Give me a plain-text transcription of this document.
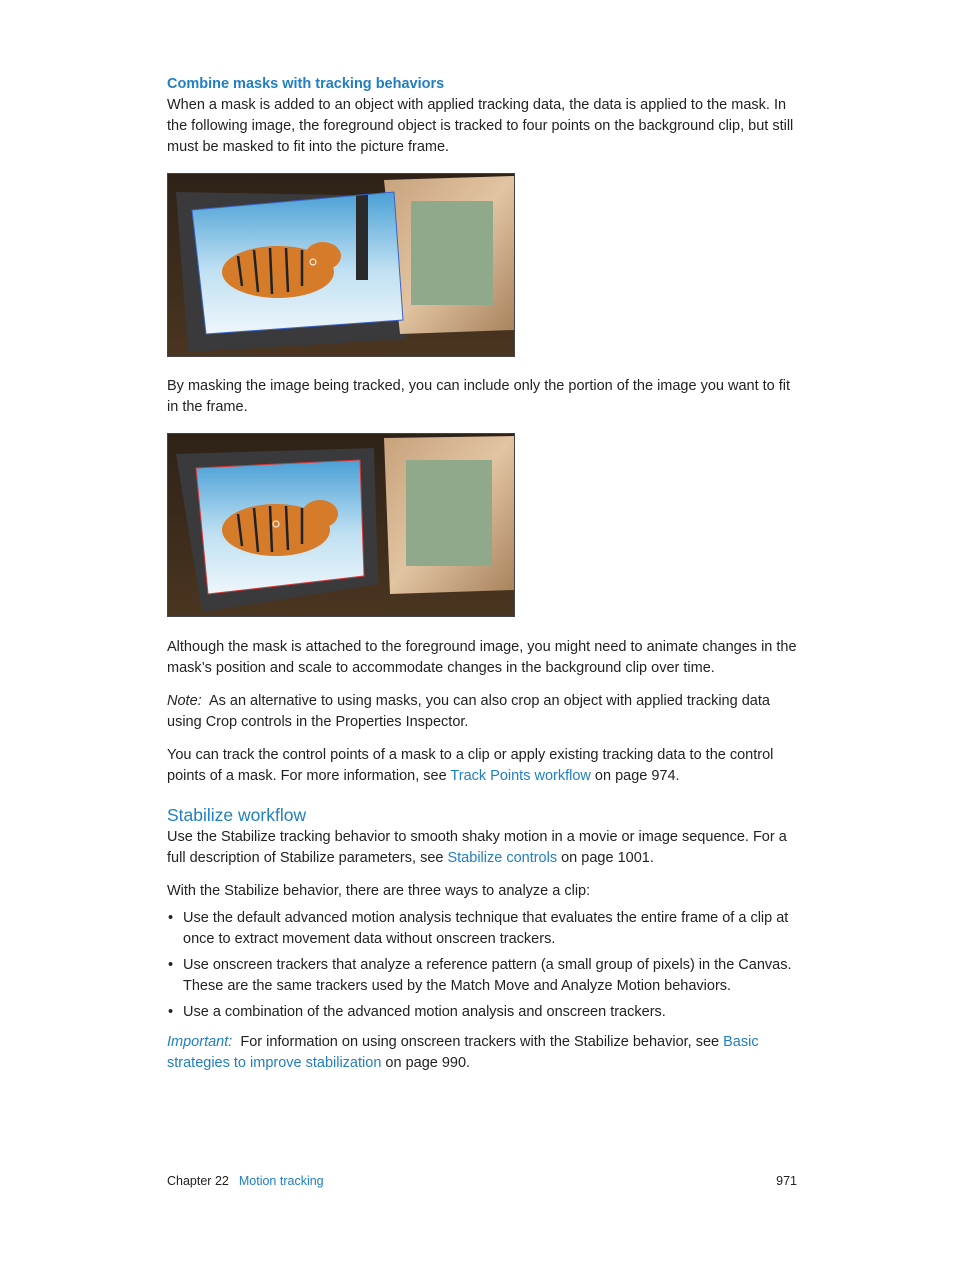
Combine masks with tracking behaviors

When a mask is added to an object with applied tracking data, the data is applied to the mask. In the following image, the foreground object is tracked to four points on the background clip, but still must be masked to fit into the picture frame.

By masking the image being tracked, you can include only the portion of the image you want to fit in the frame.

Although the mask is attached to the foreground image, you might need to animate changes in the mask’s position and scale to accommodate changes in the background clip over time.

Note: As an alternative to using masks, you can also crop an object with applied tracking data using Crop controls in the Properties Inspector.

You can track the control points of a mask to a clip or apply existing tracking data to the control points of a mask. For more information, see Track Points workflow on page 974.

Stabilize workflow

Use the Stabilize tracking behavior to smooth shaky motion in a movie or image sequence. For a full description of Stabilize parameters, see Stabilize controls on page 1001.

With the Stabilize behavior, there are three ways to analyze a clip:

• Use the default advanced motion analysis technique that evaluates the entire frame of a clip at once to extract movement data without onscreen trackers.
• Use onscreen trackers that analyze a reference pattern (a small group of pixels) in the Canvas. These are the same trackers used by the Match Move and Analyze Motion behaviors.
• Use a combination of the advanced motion analysis and onscreen trackers.

Important: For information on using onscreen trackers with the Stabilize behavior, see Basic strategies to improve stabilization on page 990.

Chapter 22 Motion tracking	971
